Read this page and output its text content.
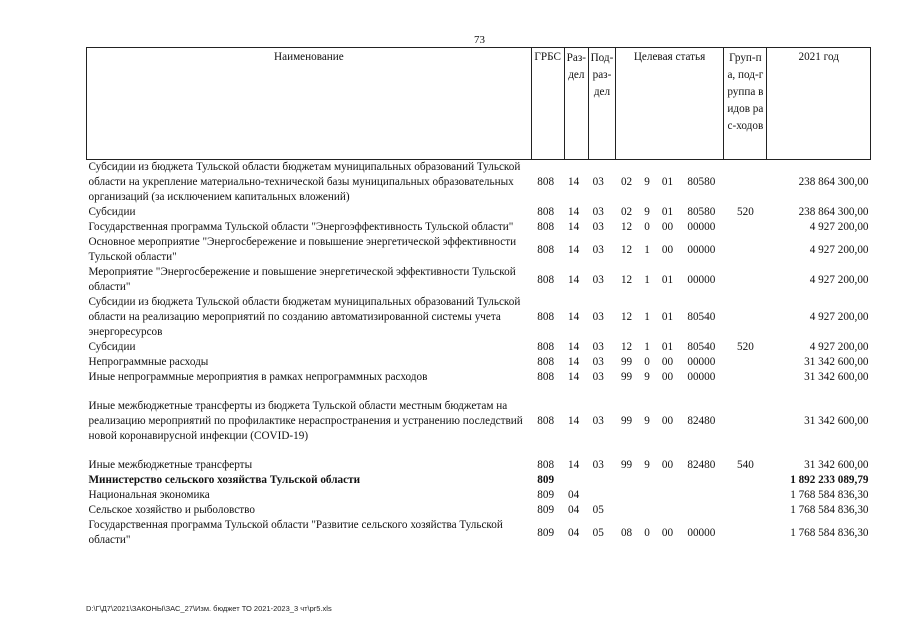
73
Наименование	ГРБС	Раз-дел	Под-раз-дел	Целевая статья				Груп-па, под-группа видов рас-ходов	2021 год
Субсидии из бюджета Тульской области бюджетам муниципальных образований Тульской области на укрепление материально-технической базы муниципальных образовательных организаций (за исключением капитальных вложений)	808	14	03	02	9	01	80580		238 864 300,00
Субсидии	808	14	03	02	9	01	80580	520	238 864 300,00
Государственная программа Тульской области "Энергоэффективность Тульской области"	808	14	03	12	0	00	00000		4 927 200,00
Основное мероприятие "Энергосбережение и повышение энергетической эффективности Тульской области"	808	14	03	12	1	00	00000		4 927 200,00
Мероприятие "Энергосбережение и повышение энергетической эффективности Тульской области"	808	14	03	12	1	01	00000		4 927 200,00
Субсидии из бюджета Тульской области бюджетам муниципальных образований Тульской области на реализацию мероприятий по созданию автоматизированной системы учета энергоресурсов	808	14	03	12	1	01	80540		4 927 200,00
Субсидии	808	14	03	12	1	01	80540	520	4 927 200,00
Непрограммные расходы	808	14	03	99	0	00	00000		31 342 600,00
Иные непрограммные мероприятия в рамках непрограммных расходов	808	14	03	99	9	00	00000		31 342 600,00
Иные межбюджетные трансферты из бюджета Тульской области местным бюджетам на реализацию мероприятий по профилактике нераспространения и устранению последствий новой коронавирусной инфекции (COVID-19)	808	14	03	99	9	00	82480		31 342 600,00
Иные межбюджетные трансферты	808	14	03	99	9	00	82480	540	31 342 600,00
Министерство сельского хозяйства Тульской области	809								1 892 233 089,79
Национальная экономика	809	04							1 768 584 836,30
Сельское хозяйство и рыболовство	809	04	05						1 768 584 836,30
Государственная программа Тульской области "Развитие сельского хозяйства Тульской области"	809	04	05	08	0	00	00000		1 768 584 836,30
D:\Г\Д7\2021\ЗАКОНЫ\ЗАС_27\Изм. бюджет ТО 2021-2023_3 чт\pr5.xls
